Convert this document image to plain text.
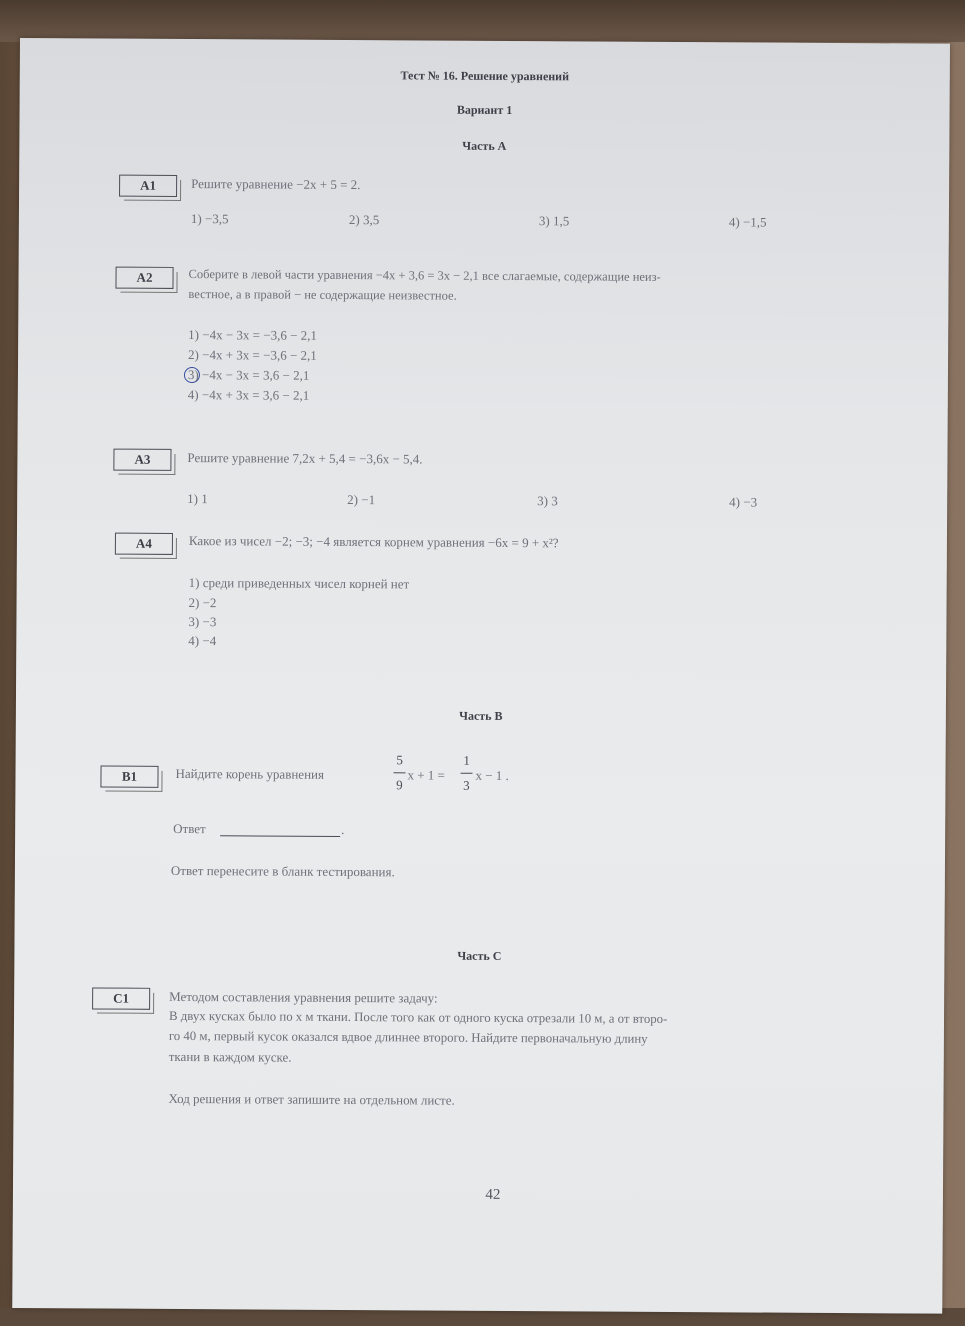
Тест № 16. Решение уравнений
Вариант 1
Часть А
А1	Решите уравнение −2x + 5 = 2.
1) −3,5	2) 3,5	3) 1,5	4) −1,5
А2	Соберите в левой части уравнения −4x + 3,6 = 3x − 2,1 все слагаемые, содержащие неиз-
вестное, а в правой − не содержащие неизвестное.
1) −4x − 3x = −3,6 − 2,1
2) −4x + 3x = −3,6 − 2,1
3) −4x − 3x = 3,6 − 2,1
4) −4x + 3x = 3,6 − 2,1
А3	Решите уравнение 7,2x + 5,4 = −3,6x − 5,4.
1) 1	2) −1	3) 3	4) −3
А4	Какое из чисел −2; −3; −4 является корнем уравнения −6x = 9 + x²?
1) среди приведенных чисел корней нет
2) −2
3) −3
4) −4
Часть В
В1	Найдите корень уравнения
5
9
x + 1 =
1
3
x − 1 .
Ответ	.
Ответ перенесите в бланк тестирования.
Часть С
С1	Методом составления уравнения решите задачу:
В двух кусках было по x м ткани. После того как от одного куска отрезали 10 м, а от второ-
го 40 м, первый кусок оказался вдвое длиннее второго. Найдите первоначальную длину
ткани в каждом куске.
Ход решения и ответ запишите на отдельном листе.
42
